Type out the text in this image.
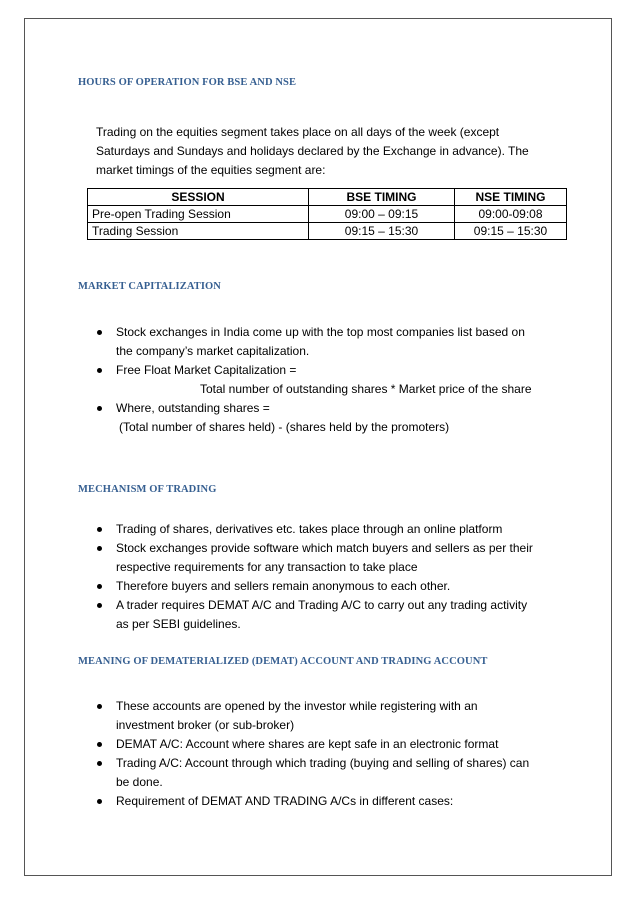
HOURS OF OPERATION FOR BSE AND NSE
Trading on the equities segment takes place on all days of the week (except
Saturdays and Sundays and holidays declared by the Exchange in advance). The
market timings of the equities segment are:
SESSION	BSE TIMING	NSE TIMING
Pre-open Trading Session	09:00 – 09:15	09:00-09:08
Trading Session	09:15 – 15:30	09:15 – 15:30
MARKET CAPITALIZATION
Stock exchanges in India come up with the top most companies list based on
the company’s market capitalization.
Free Float Market Capitalization =
Total number of outstanding shares * Market price of the share
Where, outstanding shares =
(Total number of shares held) - (shares held by the promoters)
MECHANISM OF TRADING
Trading of shares, derivatives etc. takes place through an online platform
Stock exchanges provide software which match buyers and sellers as per their
respective requirements for any transaction to take place
Therefore buyers and sellers remain anonymous to each other.
A trader requires DEMAT A/C and Trading A/C to carry out any trading activity
as per SEBI guidelines.
MEANING OF DEMATERIALIZED (DEMAT) ACCOUNT AND TRADING ACCOUNT
These accounts are opened by the investor while registering with an
investment broker (or sub-broker)
DEMAT A/C: Account where shares are kept safe in an electronic format
Trading A/C: Account through which trading (buying and selling of shares) can
be done.
Requirement of DEMAT AND TRADING A/Cs in different cases:
